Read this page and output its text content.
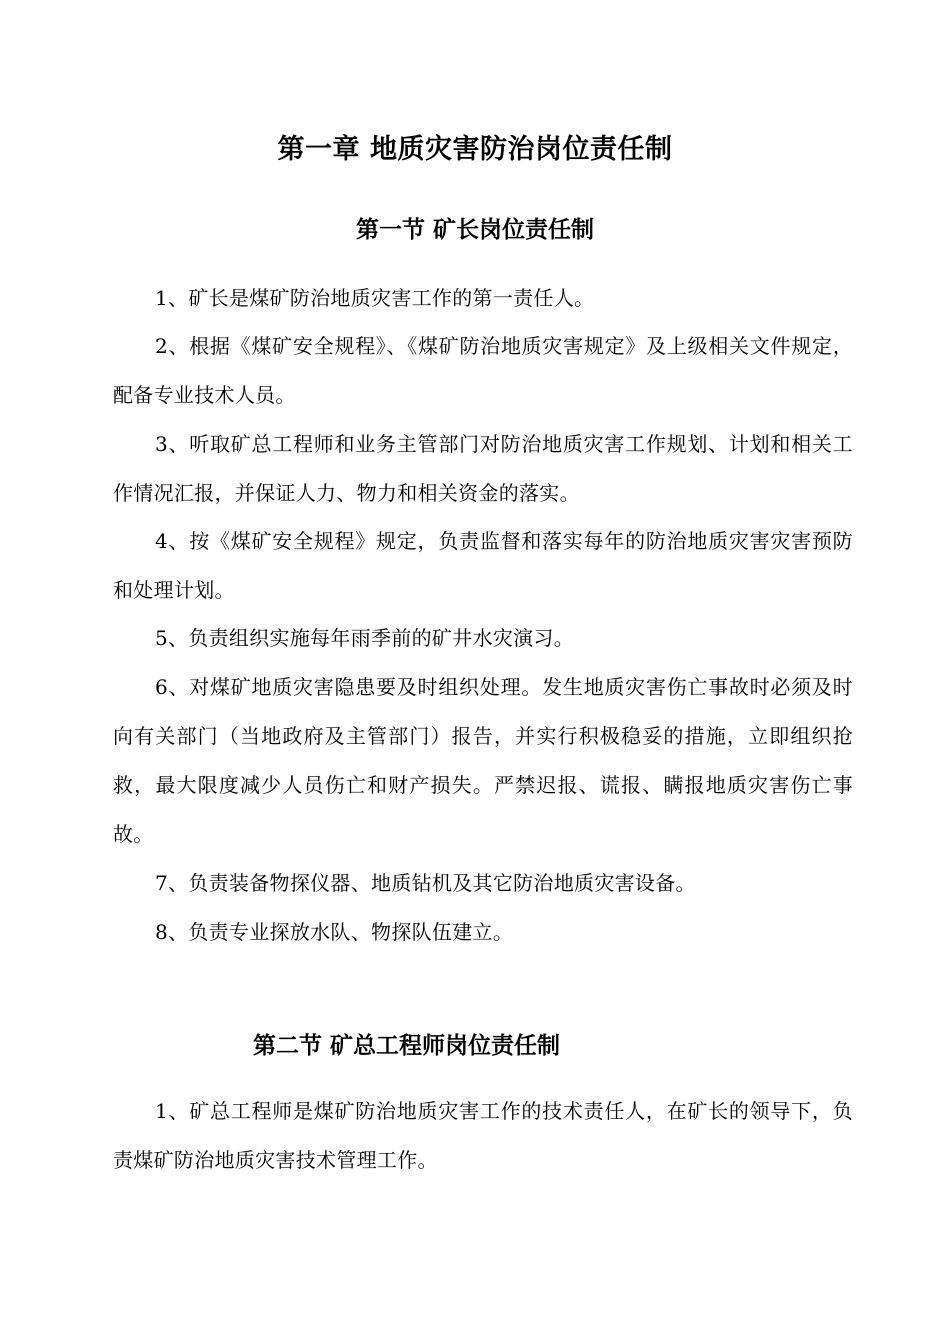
第一章 地质灾害防治岗位责任制
第一节 矿长岗位责任制

1、矿长是煤矿防治地质灾害工作的第一责任人。

2、根据《煤矿安全规程》、《煤矿防治地质灾害规定》及上级相关文件规定，配备专业技术人员。

3、听取矿总工程师和业务主管部门对防治地质灾害工作规划、计划和相关工作情况汇报，并保证人力、物力和相关资金的落实。

4、按《煤矿安全规程》规定，负责监督和落实每年的防治地质灾害灾害预防和处理计划。

5、负责组织实施每年雨季前的矿井水灾演习。

6、对煤矿地质灾害隐患要及时组织处理。发生地质灾害伤亡事故时必须及时向有关部门（当地政府及主管部门）报告，并实行积极稳妥的措施，立即组织抢救，最大限度减少人员伤亡和财产损失。严禁迟报、谎报、瞒报地质灾害伤亡事故。

7、负责装备物探仪器、地质钻机及其它防治地质灾害设备。

8、负责专业探放水队、物探队伍建立。

第二节 矿总工程师岗位责任制

1、矿总工程师是煤矿防治地质灾害工作的技术责任人，在矿长的领导下，负责煤矿防治地质灾害技术管理工作。
